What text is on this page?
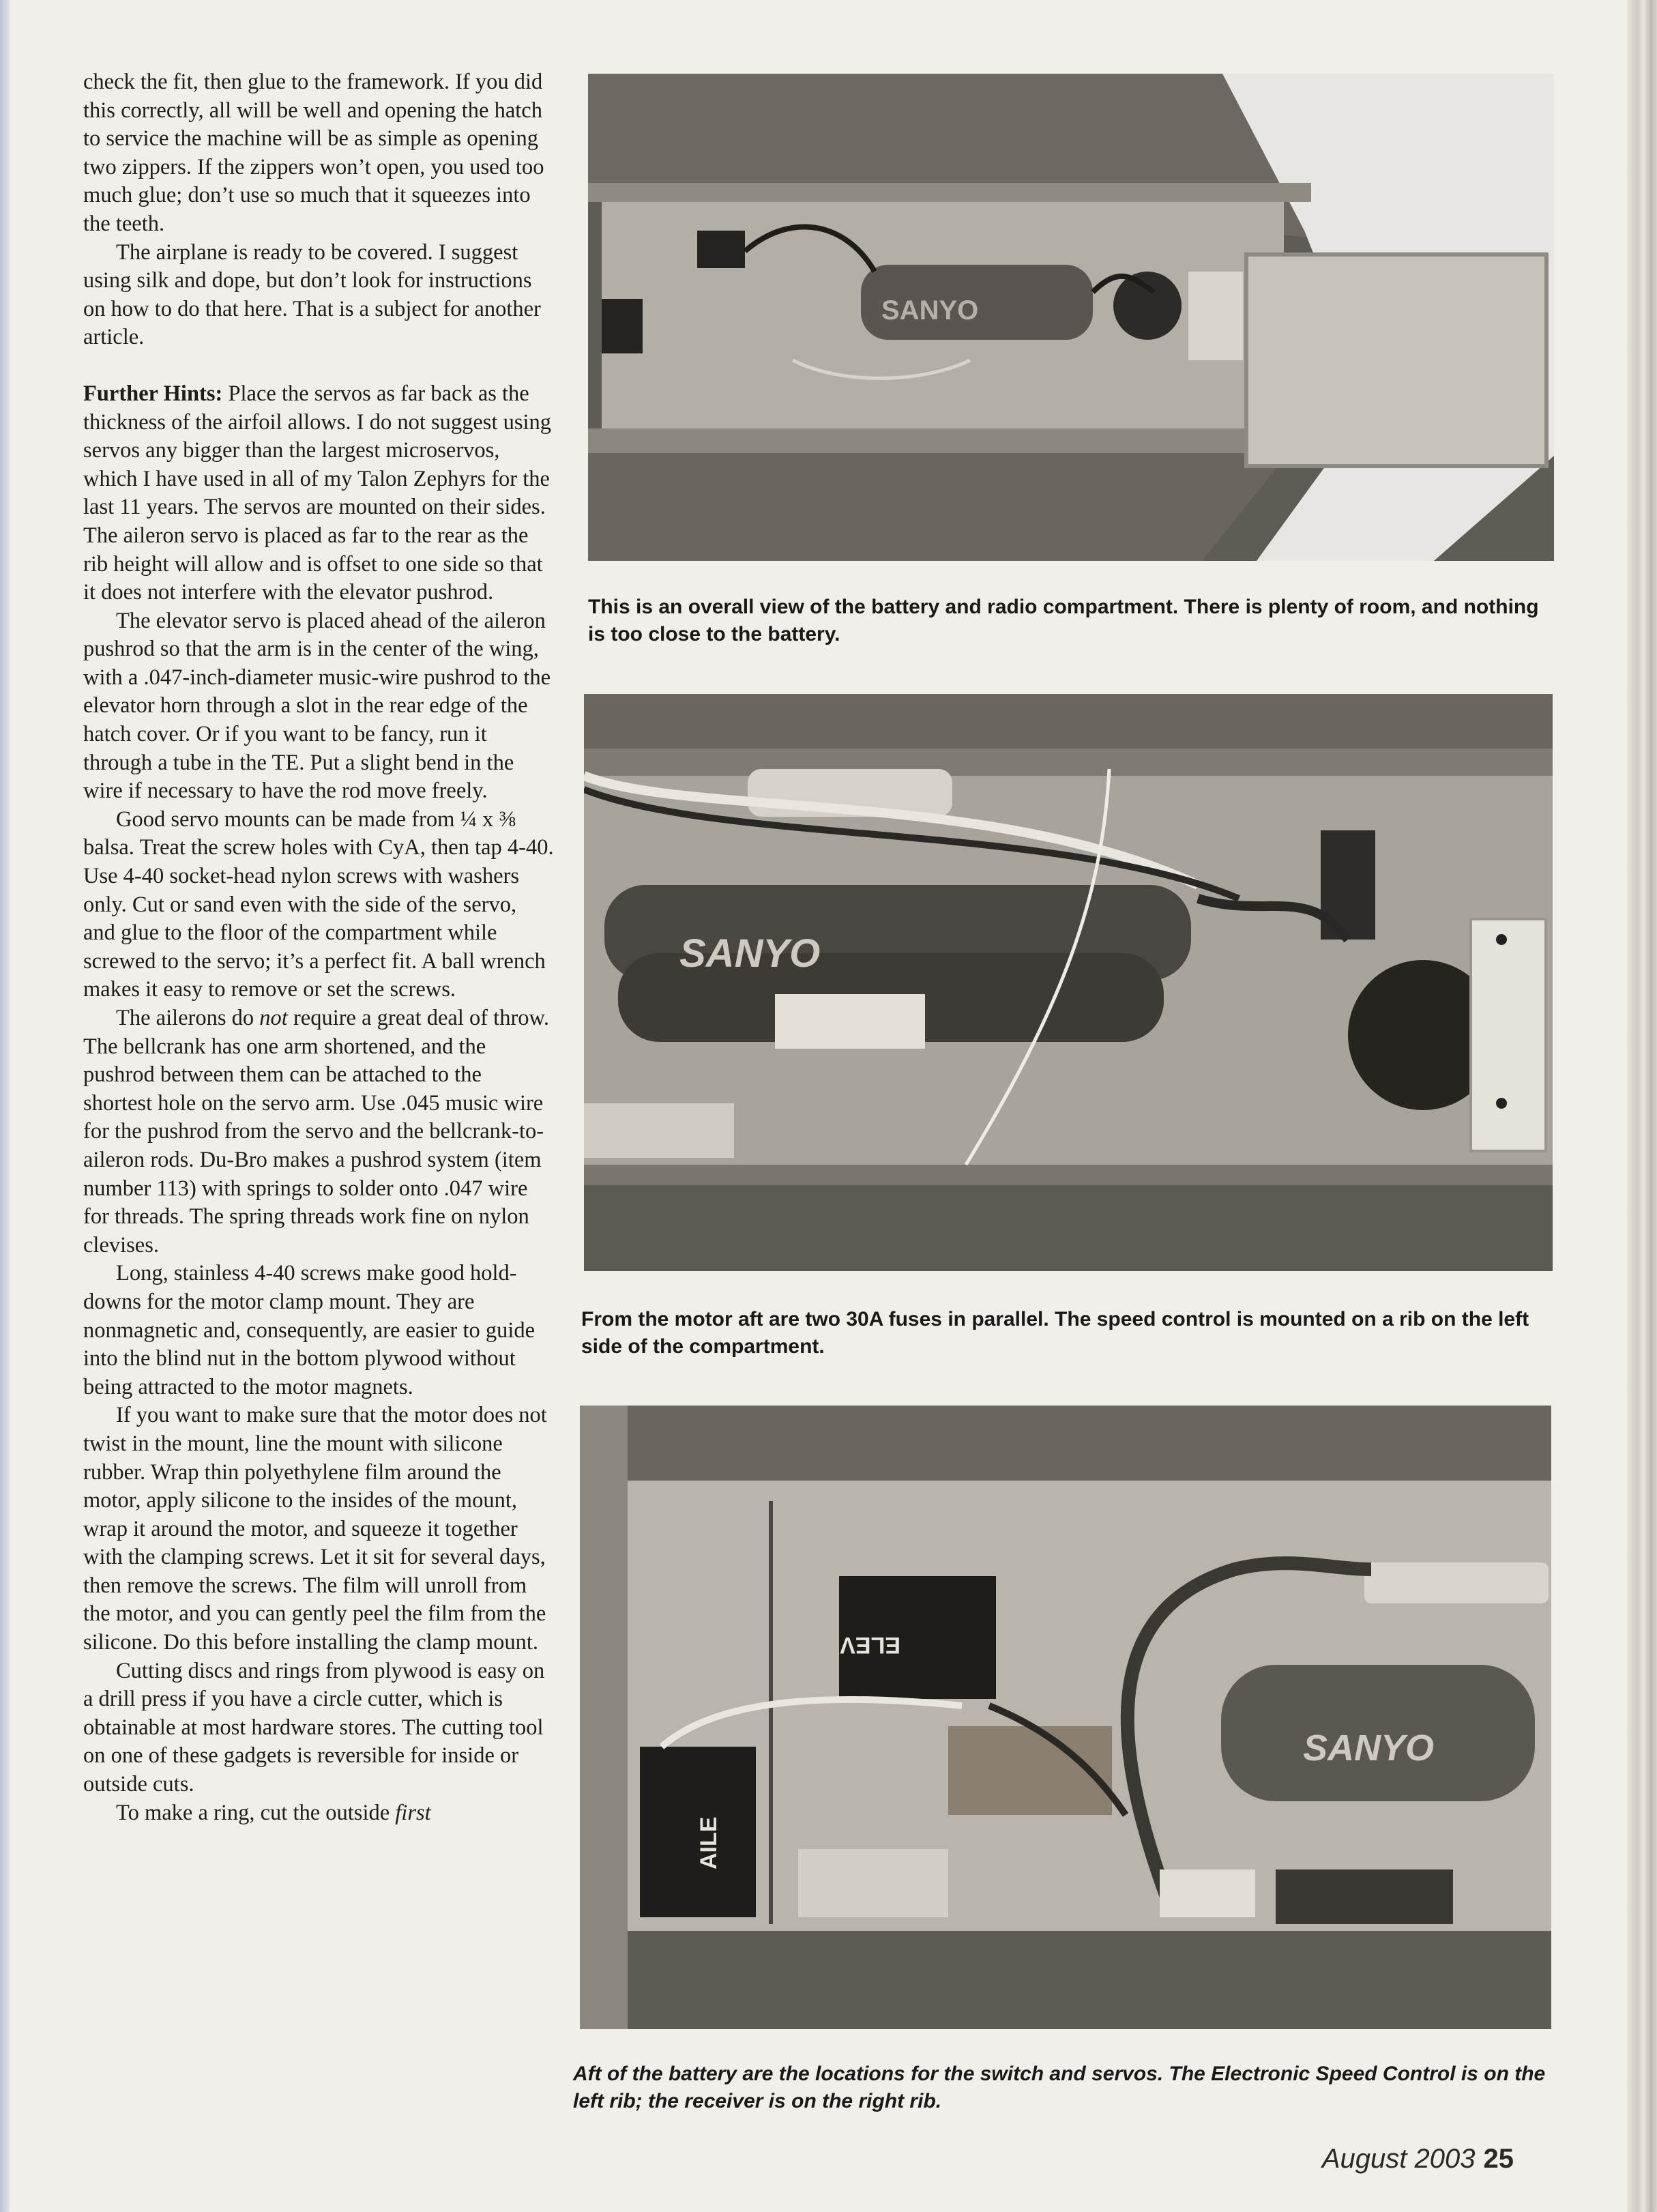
check the fit, then glue to the framework. If you did this correctly, all will be well and opening the hatch to service the machine will be as simple as opening two zippers. If the zippers won’t open, you used too much glue; don’t use so much that it squeezes into the teeth.

The airplane is ready to be covered. I suggest using silk and dope, but don’t look for instructions on how to do that here. That is a subject for another article.

Further Hints: Place the servos as far back as the thickness of the airfoil allows. I do not suggest using servos any bigger than the largest microservos, which I have used in all of my Talon Zephyrs for the last 11 years. The servos are mounted on their sides. The aileron servo is placed as far to the rear as the rib height will allow and is offset to one side so that it does not interfere with the elevator pushrod.

The elevator servo is placed ahead of the aileron pushrod so that the arm is in the center of the wing, with a .047-inch-diameter music-wire pushrod to the elevator horn through a slot in the rear edge of the hatch cover. Or if you want to be fancy, run it through a tube in the TE. Put a slight bend in the wire if necessary to have the rod move freely.

Good servo mounts can be made from ¼ x ⅜ balsa. Treat the screw holes with CyA, then tap 4-40. Use 4-40 socket-head nylon screws with washers only. Cut or sand even with the side of the servo, and glue to the floor of the compartment while screwed to the servo; it’s a perfect fit. A ball wrench makes it easy to remove or set the screws.

The ailerons do not require a great deal of throw. The bellcrank has one arm shortened, and the pushrod between them can be attached to the shortest hole on the servo arm. Use .045 music wire for the pushrod from the servo and the bellcrank-to-aileron rods. Du-Bro makes a pushrod system (item number 113) with springs to solder onto .047 wire for threads. The spring threads work fine on nylon clevises.

Long, stainless 4-40 screws make good hold-downs for the motor clamp mount. They are nonmagnetic and, consequently, are easier to guide into the blind nut in the bottom plywood without being attracted to the motor magnets.

If you want to make sure that the motor does not twist in the mount, line the mount with silicone rubber. Wrap thin polyethylene film around the motor, apply silicone to the insides of the mount, wrap it around the motor, and squeeze it together with the clamping screws. Let it sit for several days, then remove the screws. The film will unroll from the motor, and you can gently peel the film from the silicone. Do this before installing the clamp mount.

Cutting discs and rings from plywood is easy on a drill press if you have a circle cutter, which is obtainable at most hardware stores. The cutting tool on one of these gadgets is reversible for inside or outside cuts.

To make a ring, cut the outside first

SANYO
This is an overall view of the battery and radio compartment. There is plenty of room, and nothing is too close to the battery.
SANYO
From the motor aft are two 30A fuses in parallel. The speed control is mounted on a rib on the left side of the compartment.
ELEV
AILE
SANYO
Aft of the battery are the locations for the switch and servos. The Electronic Speed Control is on the left rib; the receiver is on the right rib.
August 2003 25
